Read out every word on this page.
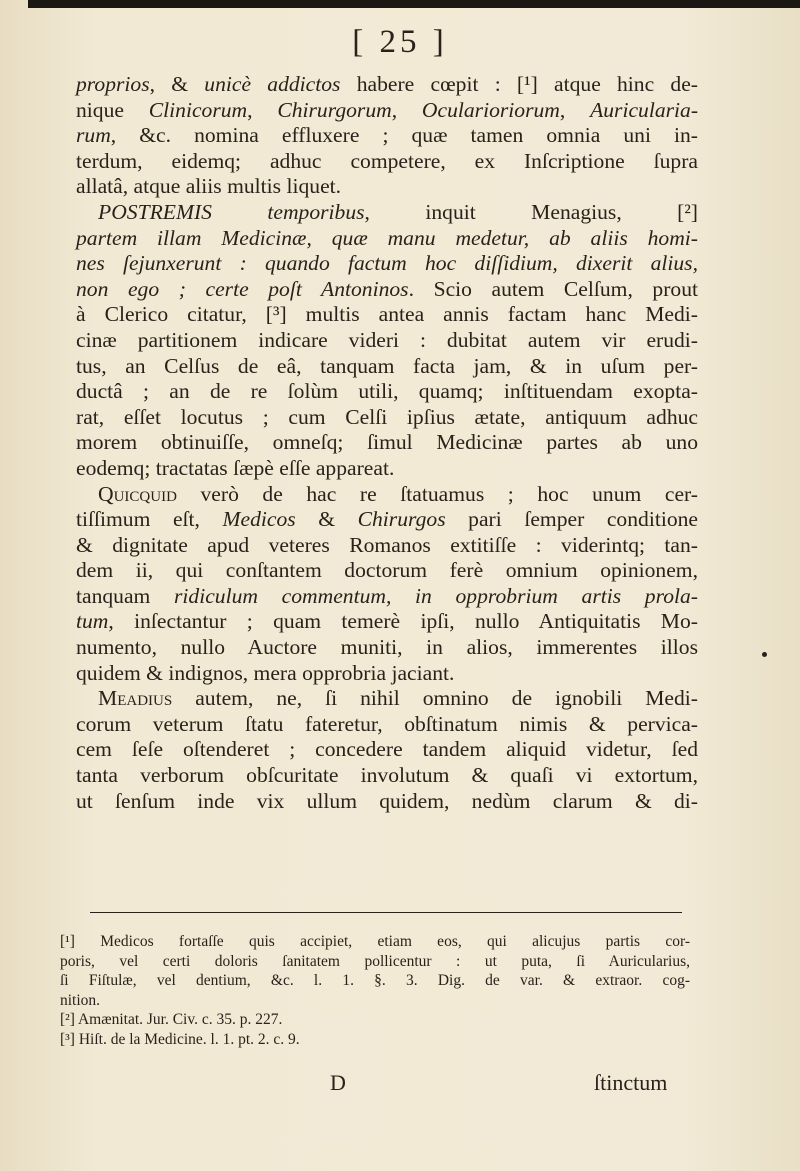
[ 25 ]
proprios, & unicè addictos habere cœpit : [¹] atque hinc de-
nique Clinicorum, Chirurgorum, Ocularioriorum, Auricularia-
rum, &c. nomina effluxere ; quæ tamen omnia uni in-
terdum, eidemq; adhuc competere, ex Inſcriptione ſupra
allatâ, atque aliis multis liquet.
POSTREMIS temporibus, inquit Menagius, [²]
partem illam Medicinæ, quæ manu medetur, ab aliis homi-
nes ſejunxerunt : quando factum hoc diſſidium, dixerit alius,
non ego ; certe poſt Antoninos. Scio autem Celſum, prout
à Clerico citatur, [³] multis antea annis factam hanc Medi-
cinæ partitionem indicare videri : dubitat autem vir erudi-
tus, an Celſus de eâ, tanquam facta jam, & in uſum per-
ductâ ; an de re ſolùm utili, quamq; inſtituendam exopta-
rat, eſſet locutus ; cum Celſi ipſius ætate, antiquum adhuc
morem obtinuiſſe, omneſq; ſimul Medicinæ partes ab uno
eodemq; tractatas ſæpè eſſe appareat.
Quicquid verò de hac re ſtatuamus ; hoc unum cer-
tiſſimum eſt, Medicos & Chirurgos pari ſemper conditione
& dignitate apud veteres Romanos extitiſſe : viderintq; tan-
dem ii, qui conſtantem doctorum ferè omnium opinionem,
tanquam ridiculum commentum, in opprobrium artis prola-
tum, inſectantur ; quam temerè ipſi, nullo Antiquitatis Mo-
numento, nullo Auctore muniti, in alios, immerentes illos
quidem & indignos, mera opprobria jaciant.
Meadius autem, ne, ſi nihil omnino de ignobili Medi-
corum veterum ſtatu fateretur, obſtinatum nimis & pervica-
cem ſeſe oſtenderet ; concedere tandem aliquid videtur, ſed
tanta verborum obſcuritate involutum & quaſi vi extortum,
ut ſenſum inde vix ullum quidem, nedùm clarum & di-
[¹] Medicos fortaſſe quis accipiet, etiam eos, qui alicujus partis cor-
poris, vel certi doloris ſanitatem pollicentur : ut puta, ſi Auricularius,
ſi Fiſtulæ, vel dentium, &c. l. 1. §. 3. Dig. de var. & extraor. cog-
nition.
[²] Amænitat. Jur. Civ. c. 35. p. 227.
[³] Hiſt. de la Medicine. l. 1. pt. 2. c. 9.
D	ſtinctum
